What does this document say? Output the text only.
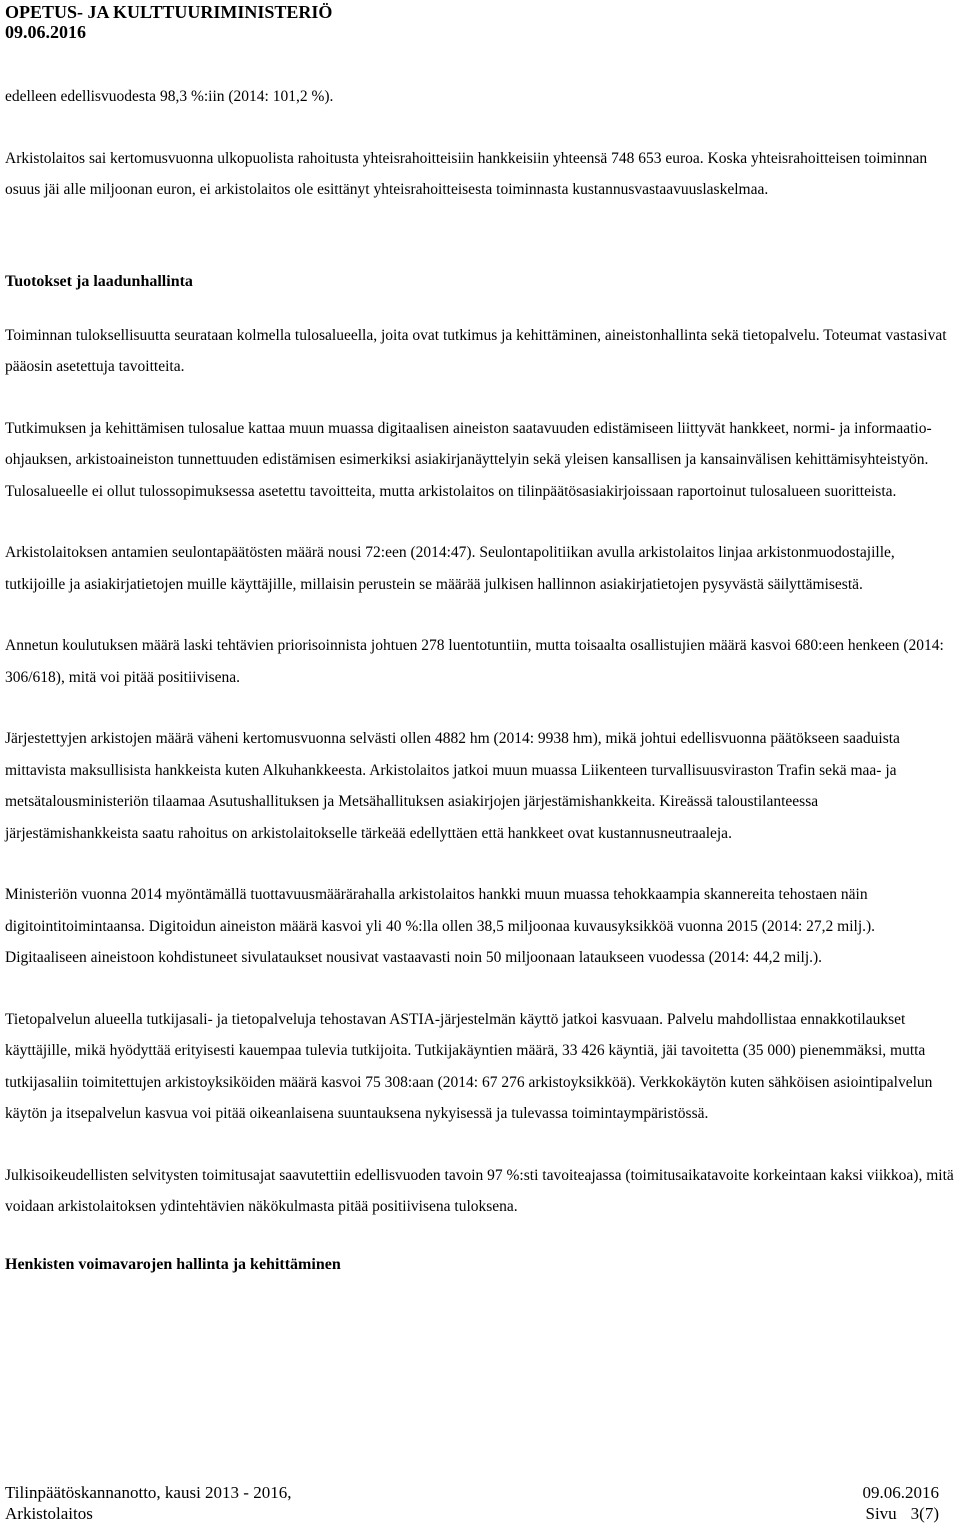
OPETUS- JA KULTTUURIMINISTERIÖ
09.06.2016

edelleen edellisvuodesta 98,3 %:iin (2014: 101,2 %).

Arkistolaitos sai kertomusvuonna ulkopuolista rahoitusta yhteisrahoitteisiin hankkeisiin yhteensä 748 653 euroa. Koska yhteisrahoitteisen toiminnan osuus jäi alle miljoonan euron, ei arkistolaitos ole esittänyt yhteisrahoitteisesta toiminnasta kustannusvastaavuuslaskelmaa.

Tuotokset ja laadunhallinta

Toiminnan tuloksellisuutta seurataan kolmella tulosalueella, joita ovat tutkimus ja kehittäminen, aineistonhallinta sekä tietopalvelu. Toteumat vastasivat pääosin asetettuja tavoitteita.

Tutkimuksen ja kehittämisen tulosalue kattaa muun muassa digitaalisen aineiston saatavuuden edistämiseen liittyvät hankkeet, normi- ja informaatio-ohjauksen, arkistoaineiston tunnettuuden edistämisen esimerkiksi asiakirjanäyttelyin sekä yleisen kansallisen ja kansainvälisen kehittämisyhteistyön. Tulosalueelle ei ollut tulossopimuksessa asetettu tavoitteita, mutta arkistolaitos on tilinpäätösasiakirjoissaan raportoinut tulosalueen suoritteista.

Arkistolaitoksen antamien seulontapäätösten määrä nousi 72:een (2014:47). Seulontapolitiikan avulla arkistolaitos linjaa arkistonmuodostajille, tutkijoille ja asiakirjatietojen muille käyttäjille, millaisin perustein se määrää julkisen hallinnon asiakirjatietojen pysyvästä säilyttämisestä.

Annetun koulutuksen määrä laski tehtävien priorisoinnista johtuen 278 luentotuntiin, mutta toisaalta osallistujien määrä kasvoi 680:een henkeen (2014: 306/618), mitä voi pitää positiivisena.

Järjestettyjen arkistojen määrä väheni kertomusvuonna selvästi ollen 4882 hm (2014: 9938 hm), mikä johtui edellisvuonna päätökseen saaduista mittavista maksullisista hankkeista kuten Alkuhankkeesta. Arkistolaitos jatkoi muun muassa Liikenteen turvallisuusviraston Trafin sekä maa- ja metsätalousministeriön tilaamaa Asutushallituksen ja Metsähallituksen asiakirjojen järjestämishankkeita. Kireässä taloustilanteessa järjestämishankkeista saatu rahoitus on arkistolaitokselle tärkeää edellyttäen että hankkeet ovat kustannusneutraaleja.

Ministeriön vuonna 2014 myöntämällä tuottavuusmäärärahalla arkistolaitos hankki muun muassa tehokkaampia skannereita tehostaen näin digitointitoimintaansa. Digitoidun aineiston määrä kasvoi yli 40 %:lla ollen 38,5 miljoonaa kuvausyksikköä vuonna 2015 (2014: 27,2 milj.). Digitaaliseen aineistoon kohdistuneet sivulataukset nousivat vastaavasti noin 50 miljoonaan lataukseen vuodessa (2014: 44,2 milj.).

Tietopalvelun alueella tutkijasali- ja tietopalveluja tehostavan ASTIA-järjestelmän käyttö jatkoi kasvuaan. Palvelu mahdollistaa ennakkotilaukset käyttäjille, mikä hyödyttää erityisesti kauempaa tulevia tutkijoita. Tutkijakäyntien määrä, 33 426 käyntiä, jäi tavoitetta (35 000) pienemmäksi, mutta tutkijasaliin toimitettujen arkistoyksiköiden määrä kasvoi 75 308:aan (2014: 67 276 arkistoyksikköä). Verkkokäytön kuten sähköisen asiointipalvelun käytön ja itsepalvelun kasvua voi pitää oikeanlaisena suuntauksena nykyisessä ja tulevassa toimintaympäristössä.

Julkisoikeudellisten selvitysten toimitusajat saavutettiin edellisvuoden tavoin 97 %:sti tavoiteajassa (toimitusaikatavoite korkeintaan kaksi viikkoa), mitä voidaan arkistolaitoksen ydintehtävien näkökulmasta pitää positiivisena tuloksena.

Henkisten voimavarojen hallinta ja kehittäminen
Tilinpäätöskannanotto, kausi 2013 - 2016,	09.06.2016
Arkistolaitos	Sivu 3(7)
